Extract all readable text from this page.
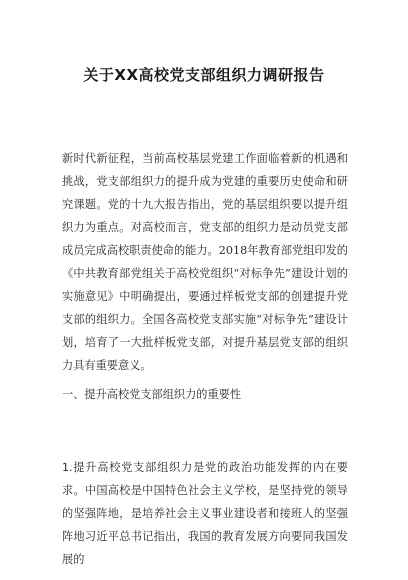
关于XX高校党支部组织力调研报告
新时代新征程，当前高校基层党建工作面临着新的机遇和挑战，党支部组织力的提升成为党建的重要历史使命和研究课题。党的十九大报告指出，党的基层组织要以提升组织力为重点。对高校而言，党支部的组织力是动员党支部成员完成高校职责使命的能力。2018年教育部党组印发的《中共教育部党组关于高校党组织“对标争先”建设计划的实施意见》中明确提出，要通过样板党支部的创建提升党支部的组织力。全国各高校党支部实施“对标争先”建设计划，培育了一大批样板党支部，对提升基层党支部的组织力具有重要意义。
一、提升高校党支部组织力的重要性
1.提升高校党支部组织力是党的政治功能发挥的内在要求。中国高校是中国特色社会主义学校，是坚持党的领导的坚强阵地，是培养社会主义事业建设者和接班人的坚强阵地习近平总书记指出，我国的教育发展方向要同我国发展的
